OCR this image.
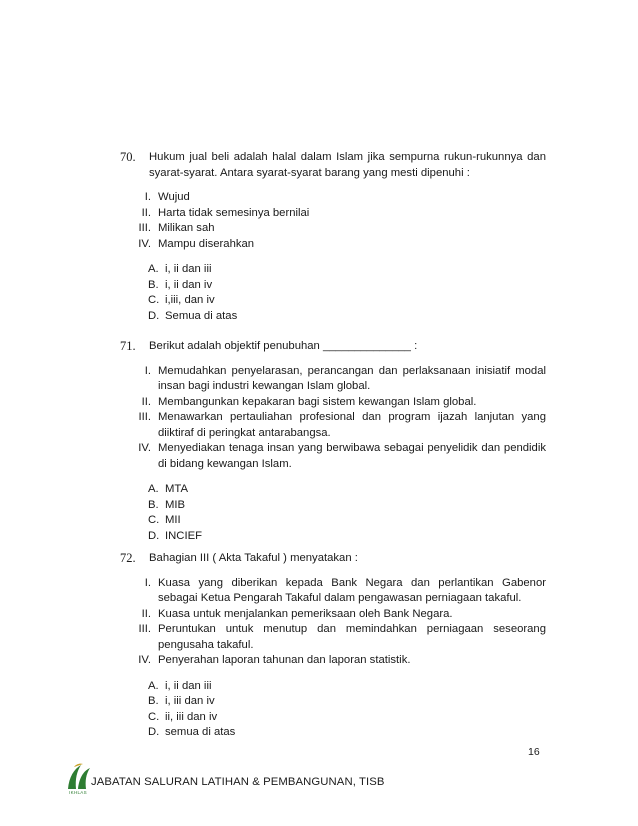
70. Hukum jual beli adalah halal dalam Islam jika sempurna rukun-rukunnya dan syarat-syarat. Antara syarat-syarat barang yang mesti dipenuhi :
I. Wujud
II. Harta tidak semesinya bernilai
III. Milikan sah
IV. Mampu diserahkan
A. i, ii dan iii
B. i, ii dan iv
C. i,iii, dan iv
D. Semua di atas
71. Berikut adalah objektif penubuhan ______________ :
I. Memudahkan penyelarasan, perancangan dan perlaksanaan inisiatif modal insan bagi industri kewangan Islam global.
II. Membangunkan kepakaran bagi sistem kewangan Islam global.
III. Menawarkan pertauliahan profesional dan program ijazah lanjutan yang diiktiraf di peringkat antarabangsa.
IV. Menyediakan tenaga insan yang berwibawa sebagai penyelidik dan pendidik di bidang kewangan Islam.
A. MTA
B. MIB
C. MII
D. INCIEF
72. Bahagian III ( Akta Takaful ) menyatakan :
I. Kuasa yang diberikan kepada Bank Negara dan perlantikan Gabenor sebagai Ketua Pengarah Takaful dalam pengawasan perniagaan takaful.
II. Kuasa untuk menjalankan pemeriksaan oleh Bank Negara.
III. Peruntukan untuk menutup dan memindahkan perniagaan seseorang pengusaha takaful.
IV. Penyerahan laporan tahunan dan laporan statistik.
A. i, ii dan iii
B. i, iii dan iv
C. ii, iii dan iv
D. semua di atas
16
IKHLAS
JABATAN SALURAN LATIHAN & PEMBANGUNAN, TISB
